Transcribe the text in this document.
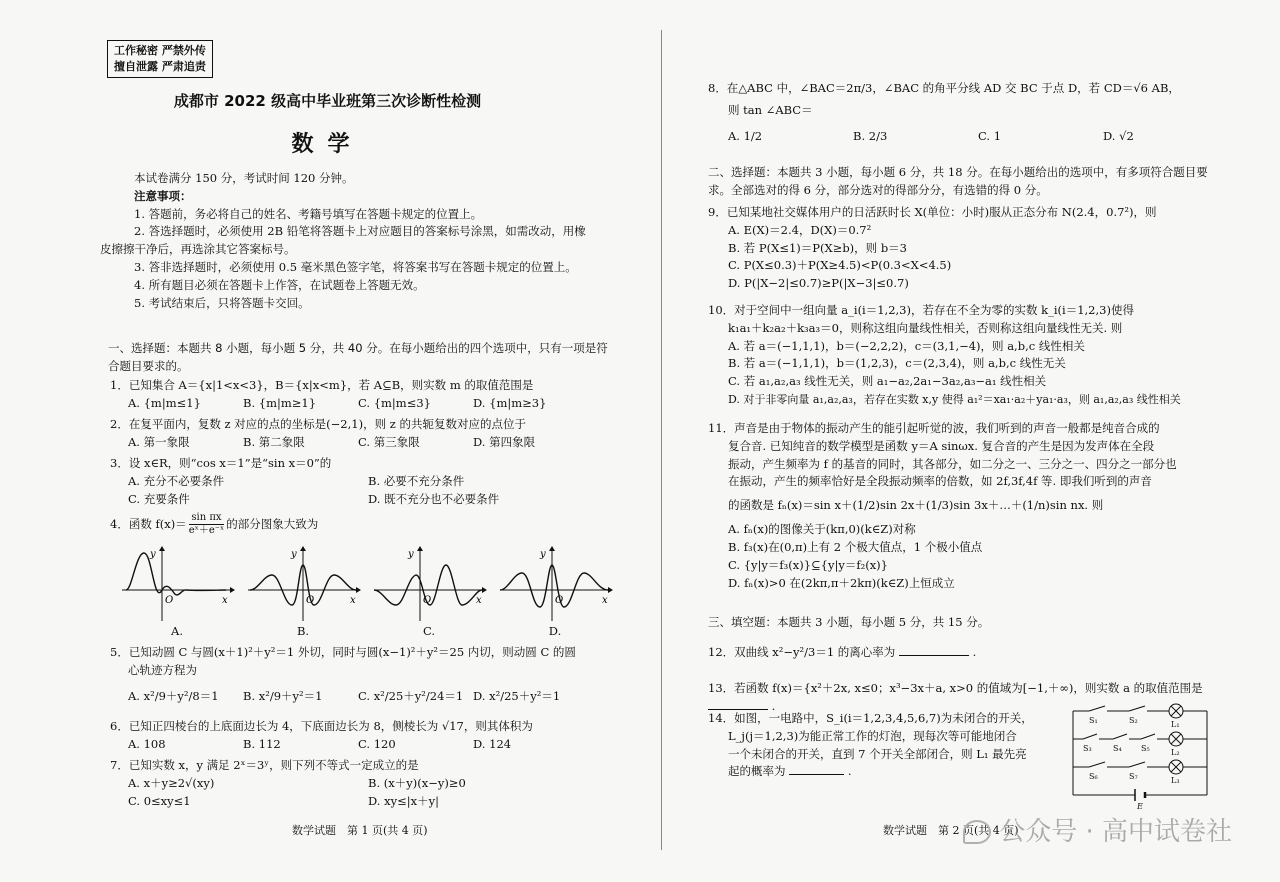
工作秘密 严禁外传
擅自泄露 严肃追责
成都市 2022 级高中毕业班第三次诊断性检测
数学

本试卷满分 150 分，考试时间 120 分钟。

注意事项：

1. 答题前，务必将自己的姓名、考籍号填写在答题卡规定的位置上。

2. 答选择题时，必须使用 2B 铅笔将答题卡上对应题目的答案标号涂黑，如需改动，用橡

皮擦擦干净后，再选涂其它答案标号。

3. 答非选择题时，必须使用 0.5 毫米黑色签字笔，将答案书写在答题卡规定的位置上。

4. 所有题目必须在答题卡上作答，在试题卷上答题无效。

5. 考试结束后，只将答题卡交回。

一、选择题：本题共 8 小题，每小题 5 分，共 40 分。在每小题给出的四个选项中，只有一项是符
合题目要求的。
1．已知集合 A＝{x|1<x<3}，B＝{x|x<m}，若 A⊆B，则实数 m 的取值范围是
A. {m|m≤1}	B. {m|m≥1}	C. {m|m≤3}	D. {m|m≥3}
2．在复平面内，复数 z 对应的点的坐标是(−2,1)，则 z 的共轭复数对应的点位于
A. 第一象限	B. 第二象限	C. 第三象限	D. 第四象限
3．设 x∈R，则“cos x＝1”是“sin x＝0”的
A. 充分不必要条件	B. 必要不充分条件
C. 充要条件	D. 既不充分也不必要条件
4．函数 $f(x)= \frac{\text{sin πx}}{\text{eˣ＋e⁻ˣ}}$ 的部分图象大致为
y
O	x
A.
y
O	x
B.
y
O	x
C.
y
O	x
D.
5．已知动圆 C 与圆(x＋1)²＋y²＝1 外切，同时与圆(x−1)²＋y²＝25 内切，则动圆 C 的圆
心轨迹方程为
A. x²/9＋y²/8＝1	B. x²/9＋y²＝1	C. x²/25＋y²/24＝1 D. x²/25＋y²＝1
6．已知正四棱台的上底面边长为 4，下底面边长为 8，侧棱长为 √17，则其体积为
A. 108	B. 112	C. 120	D. 124
7．已知实数 x，y 满足 2ˣ＝3ʸ，则下列不等式一定成立的是
A. x＋y≥2√(xy)	B. (x＋y)(x−y)≥0
C. 0≤xy≤1	D. xy≤|x＋y|
数学试题　第 1 页(共 4 页)
8．在△ABC 中，∠BAC＝2π/3，∠BAC 的角平分线 AD 交 BC 于点 D，若 CD＝√6 AB，
则 tan ∠ABC＝
A. 1/2	B. 2/3	C. 1	D. √2
二、选择题：本题共 3 小题，每小题 6 分，共 18 分。在每小题给出的选项中，有多项符合题目要
求。全部选对的得 6 分，部分选对的得部分分，有选错的得 0 分。
9．已知某地社交媒体用户的日活跃时长 X(单位：小时)服从正态分布 N(2.4，0.7²)，则
A. E(X)＝2.4，D(X)＝0.7²
B. 若 P(X≤1)＝P(X≥b)，则 b＝3
C. P(X≤0.3)＋P(X≥4.5)<P(0.3<X<4.5)
D. P(|X−2|≤0.7)≥P(|X−3|≤0.7)
10．对于空间中一组向量 a_i(i＝1,2,3)，若存在不全为零的实数 k_i(i＝1,2,3)使得
k₁a₁＋k₂a₂＋k₃a₃＝0，则称这组向量线性相关，否则称这组向量线性无关. 则
A. 若 a＝(−1,1,1)，b＝(−2,2,2)，c＝(3,1,−4)，则 a,b,c 线性相关
B. 若 a＝(−1,1,1)，b＝(1,2,3)，c＝(2,3,4)，则 a,b,c 线性无关
C. 若 a₁,a₂,a₃ 线性无关，则 a₁−a₂,2a₁−3a₂,a₃−a₁ 线性相关
D. 对于非零向量 a₁,a₂,a₃，若存在实数 x,y 使得 a₁²＝xa₁·a₂＋ya₁·a₃，则 a₁,a₂,a₃ 线性相关
11．声音是由于物体的振动产生的能引起听觉的波，我们听到的声音一般都是纯音合成的
复合音. 已知纯音的数学模型是函数 y＝A sinωx. 复合音的产生是因为发声体在全段
振动，产生频率为 f 的基音的同时，其各部分，如二分之一、三分之一、四分之一部分也
在振动，产生的频率恰好是全段振动频率的倍数，如 2f,3f,4f 等. 即我们听到的声音
的函数是 fₙ(x)＝sin x＋(1/2)sin 2x＋(1/3)sin 3x＋…＋(1/n)sin nx. 则
A. fₙ(x)的图像关于(kπ,0)(k∈Z)对称
B. f₃(x)在(0,π)上有 2 个极大值点，1 个极小值点
C. {y|y＝f₃(x)}⊆{y|y＝f₂(x)}
D. fₙ(x)>0 在(2kπ,π＋2kπ)(k∈Z)上恒成立
三、填空题：本题共 3 小题，每小题 5 分，共 15 分。
12．双曲线 x²−y²/3＝1 的离心率为	.
13．若函数 f(x)＝{x²＋2x, x≤0；x³−3x＋a, x>0 的值域为[−1,＋∞)，则实数 a 的取值范围是  .
14．如图，一电路中，S_i(i＝1,2,3,4,5,6,7)为未闭合的开关，
L_j(j＝1,2,3)为能正常工作的灯泡，现每次等可能地闭合
一个未闭合的开关，直到 7 个开关全部闭合，则 L₁ 最先亮
起的概率为	.
数学试题　第 2 页(共 4 页)
S₁	S₂
S₃	S₄ S₅
S₆	S₇
L₁
L₂
L₃
E
公众号 · 高中试卷社
